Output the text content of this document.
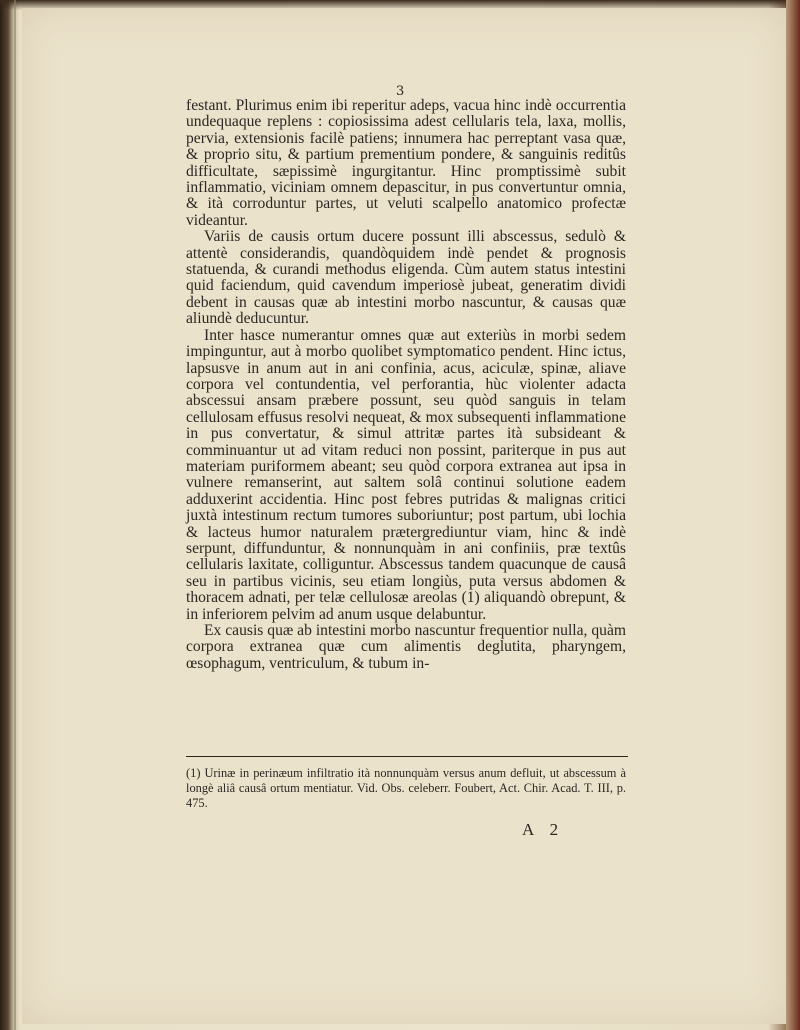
3

festant. Plurimus enim ibi reperitur adeps, vacua hinc indè occurrentia undequaque replens : copiosissima adest cellularis tela, laxa, mollis, pervia, extensionis facilè patiens; innumera hac perreptant vasa quæ, & proprio situ, & partium prementium pondere, & sanguinis reditûs difficultate, sæpissimè ingurgitantur. Hinc promptissimè subit inflammatio, viciniam omnem depascitur, in pus convertuntur omnia, & ità corroduntur partes, ut veluti scalpello anatomico profectæ videantur.

Variis de causis ortum ducere possunt illi abscessus, sedulò & attentè considerandis, quandòquidem indè pendet & prognosis statuenda, & curandi methodus eligenda. Cùm autem status intestini quid faciendum, quid cavendum imperiosè jubeat, generatim dividi debent in causas quæ ab intestini morbo nascuntur, & causas quæ aliundè deducuntur.

Inter hasce numerantur omnes quæ aut exteriùs in morbi sedem impinguntur, aut à morbo quolibet symptomatico pendent. Hinc ictus, lapsusve in anum aut in ani confinia, acus, aciculæ, spinæ, aliave corpora vel contundentia, vel perforantia, hùc violenter adacta abscessui ansam præbere possunt, seu quòd sanguis in telam cellulosam effusus resolvi nequeat, & mox subsequenti inflammatione in pus convertatur, & simul attritæ partes ità subsideant & comminuantur ut ad vitam reduci non possint, pariterque in pus aut materiam puriformem abeant; seu quòd corpora extranea aut ipsa in vulnere remanserint, aut saltem solâ continui solutione eadem adduxerint accidentia. Hinc post febres putridas & malignas critici juxtà intestinum rectum tumores suboriuntur; post partum, ubi lochia & lacteus humor naturalem prætergrediuntur viam, hinc & indè serpunt, diffunduntur, & nonnunquàm in ani confiniis, præ textûs cellularis laxitate, colliguntur. Abscessus tandem quacunque de causâ seu in partibus vicinis, seu etiam longiùs, puta versus abdomen & thoracem adnati, per telæ cellulosæ areolas (1) aliquandò obrepunt, & in inferiorem pelvim ad anum usque delabuntur.

Ex causis quæ ab intestini morbo nascuntur frequentior nulla, quàm corpora extranea quæ cum alimentis deglutita, pharyngem, œsophagum, ventriculum, & tubum in-

(1) Urinæ in perinæum infiltratio ità nonnunquàm versus anum defluit, ut abscessum à longè aliâ causâ ortum mentiatur. Vid. Obs. celeberr. Foubert, Act. Chir. Acad. T. III, p. 475.
A 2
